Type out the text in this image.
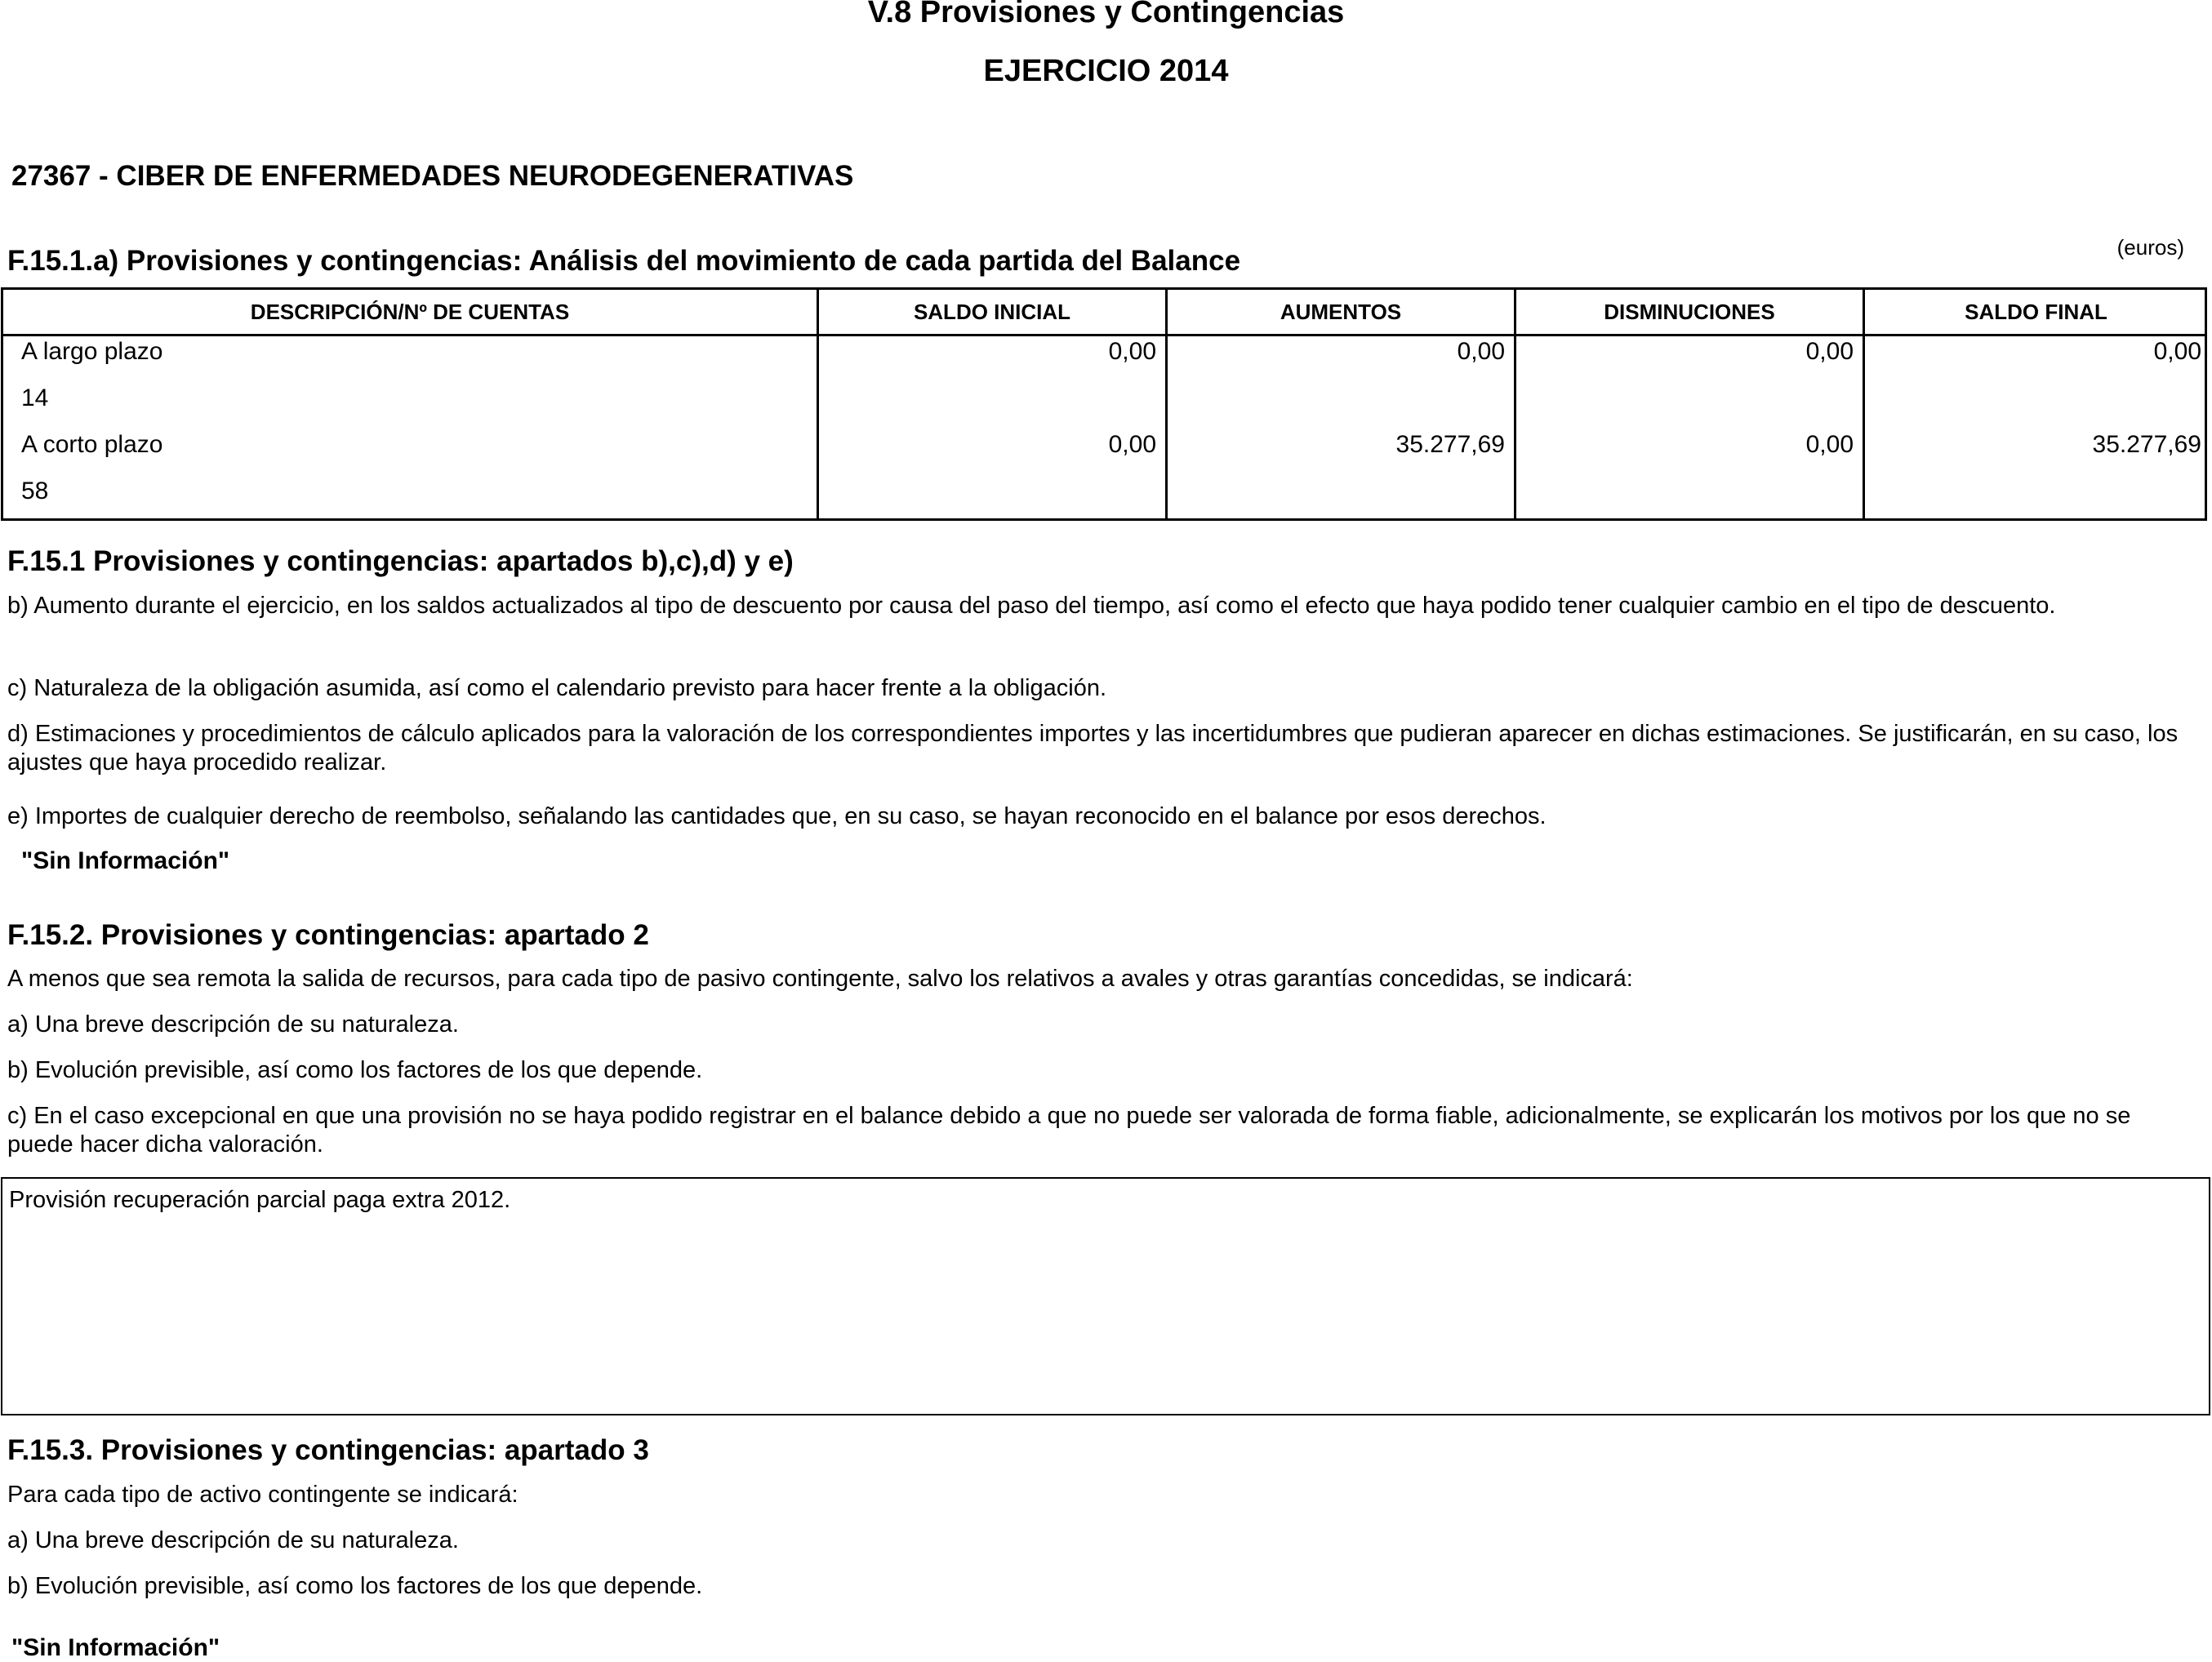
V.8 Provisiones y Contingencias
EJERCICIO 2014
27367 - CIBER DE ENFERMEDADES NEURODEGENERATIVAS
F.15.1.a) Provisiones y contingencias: Análisis del movimiento de cada partida del Balance	(euros)
DESCRIPCIÓN/Nº DE CUENTAS	SALDO INICIAL	AUMENTOS	DISMINUCIONES	SALDO FINAL
A largo plazo	0,00	0,00	0,00	0,00
14
A corto plazo	0,00	35.277,69	0,00	35.277,69
58
F.15.1 Provisiones y contingencias: apartados b),c),d) y e)
b) Aumento durante el ejercicio, en los saldos actualizados al tipo de descuento por causa del paso del tiempo, así como el efecto que haya podido tener cualquier cambio en el tipo de descuento.
c) Naturaleza de la obligación asumida, así como el calendario previsto para hacer frente a la obligación.
d) Estimaciones y procedimientos de cálculo aplicados para la valoración de los correspondientes importes y las incertidumbres que pudieran aparecer en dichas estimaciones. Se justificarán, en su caso, los ajustes que haya procedido realizar.
e) Importes de cualquier derecho de reembolso, señalando las cantidades que, en su caso, se hayan reconocido en el balance por esos derechos.
"Sin Información"
F.15.2. Provisiones y contingencias: apartado 2
A menos que sea remota la salida de recursos, para cada tipo de pasivo contingente, salvo los relativos a avales y otras garantías concedidas, se indicará:
a) Una breve descripción de su naturaleza.
b) Evolución previsible, así como los factores de los que depende.
c) En el caso excepcional en que una provisión no se haya podido registrar en el balance debido a que no puede ser valorada de forma fiable, adicionalmente, se explicarán los motivos por los que no se puede hacer dicha valoración.
Provisión recuperación parcial paga extra 2012.
F.15.3. Provisiones y contingencias: apartado 3
Para cada tipo de activo contingente se indicará:
a) Una breve descripción de su naturaleza.
b) Evolución previsible, así como los factores de los que depende.
"Sin Información"
